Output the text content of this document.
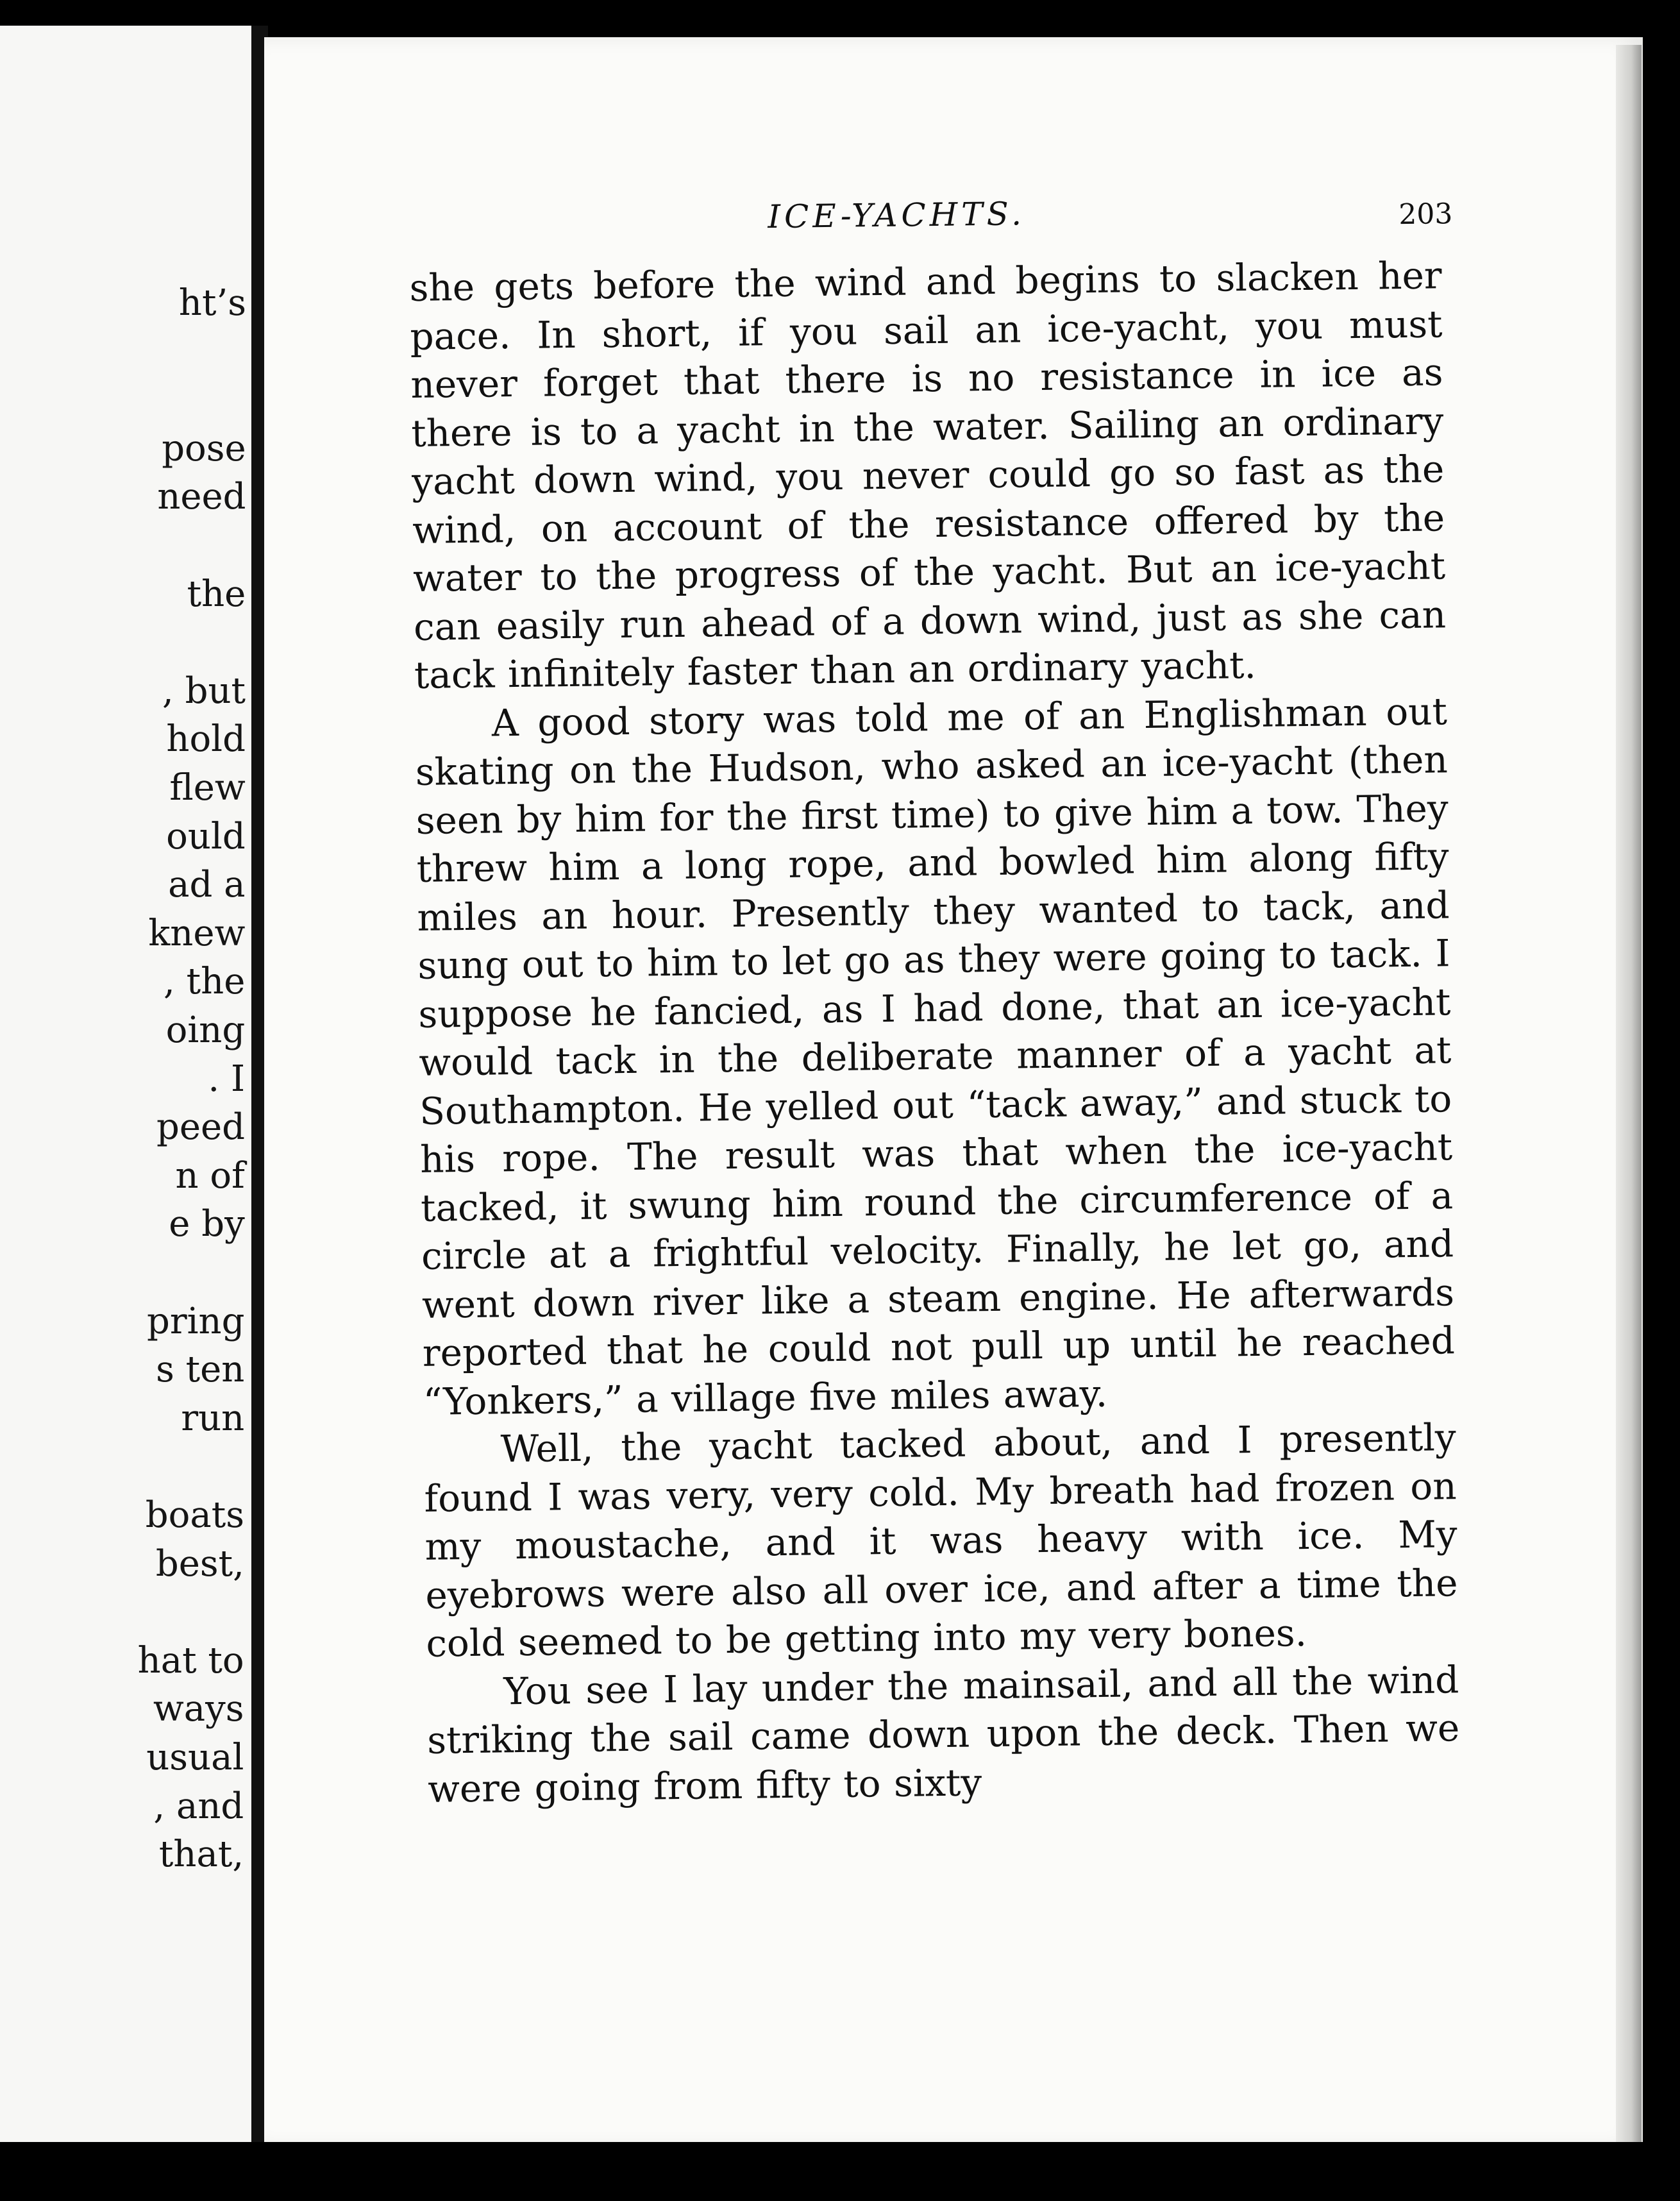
ht’s
pose
need
the
, but
hold
flew
ould
ad a
knew
, the
oing
. I
peed
n of
e by
pring
s ten
run
boats
best,
hat to
ways
usual
, and
that,
ICE-YACHTS.	203

she gets before the wind and begins to slacken her pace. In short, if you sail an ice-yacht, you must never forget that there is no resistance in ice as there is to a yacht in the water. Sailing an ordinary yacht down wind, you never could go so fast as the wind, on account of the resistance offered by the water to the progress of the yacht. But an ice-yacht can easily run ahead of a down wind, just as she can tack infinitely faster than an ordinary yacht.

A good story was told me of an Englishman out skating on the Hudson, who asked an ice-yacht (then seen by him for the first time) to give him a tow. They threw him a long rope, and bowled him along fifty miles an hour. Presently they wanted to tack, and sung out to him to let go as they were going to tack. I suppose he fancied, as I had done, that an ice-yacht would tack in the deliberate manner of a yacht at Southampton. He yelled out “tack away,” and stuck to his rope. The result was that when the ice-yacht tacked, it swung him round the circumference of a circle at a frightful velocity. Finally, he let go, and went down river like a steam engine. He afterwards reported that he could not pull up until he reached “Yonkers,” a village five miles away.

Well, the yacht tacked about, and I presently found I was very, very cold. My breath had frozen on my moustache, and it was heavy with ice. My eyebrows were also all over ice, and after a time the cold seemed to be getting into my very bones.

You see I lay under the mainsail, and all the wind striking the sail came down upon the deck. Then we were going from fifty to sixty
